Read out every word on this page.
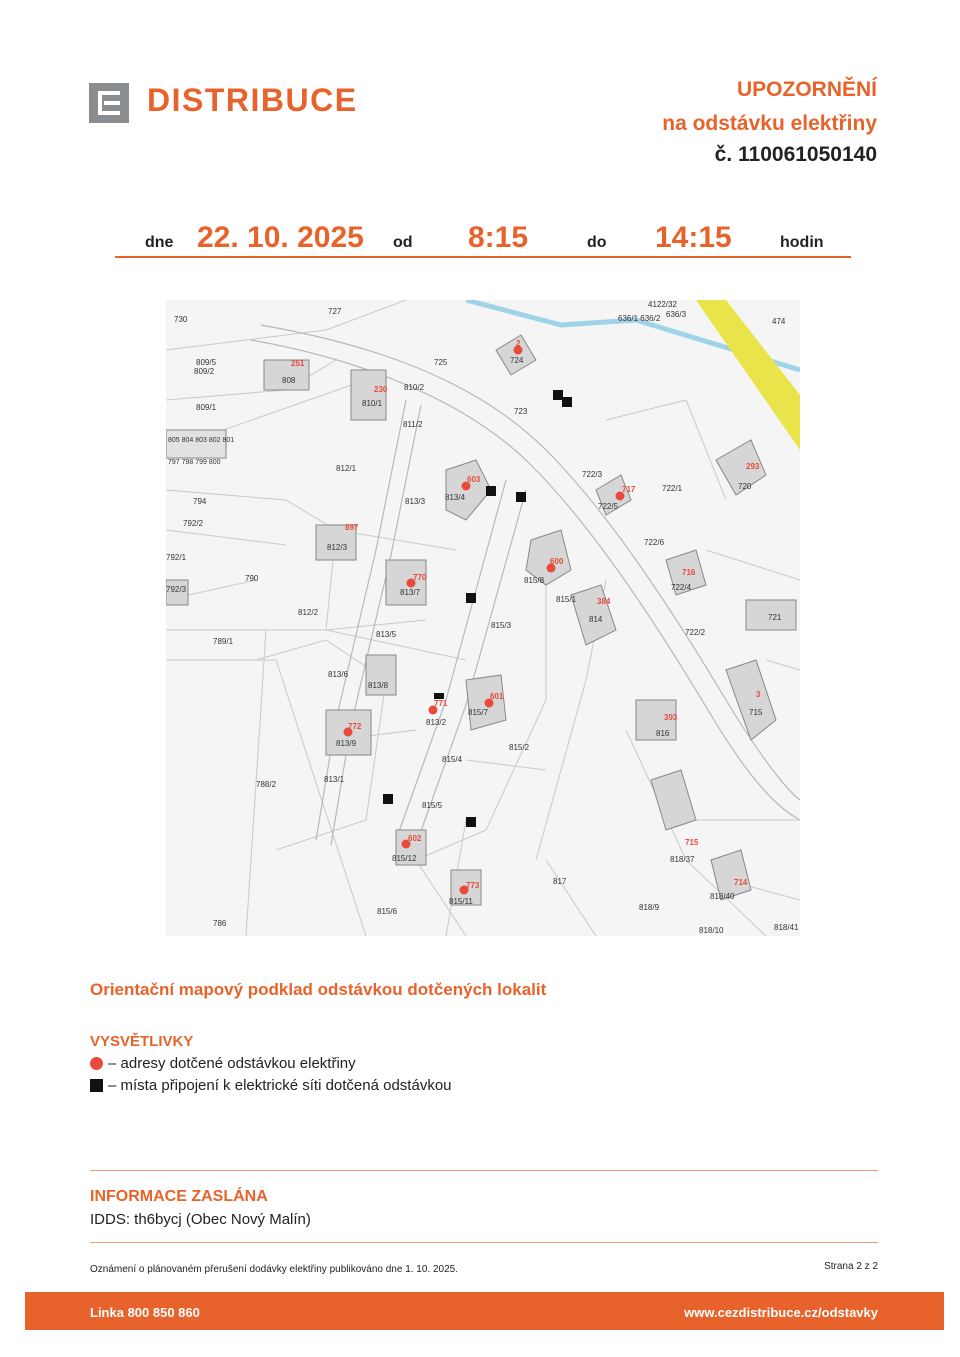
DISTRIBUCE	UPOZORNĚNÍ
na odstávku elektřiny
č. 110061050140
dne 22. 10. 2025 od 8:15	do 14:15	hodin
730
727
474
4122/32
636/1 636/2 636/3
809/5
809/2
808
725	724
810/2
810/1
809/1	723
811/2
805 804 803 802 801
797 798 799 800
812/1
722/3
720
722/1
813/4
813/3
794
722/5
792/2
812/3
722/6
792/1
815/8
722/4
790
813/7
792/3
815/1
814
812/2
815/3
721
722/2
789/1
813/5
813/6
813/8
715
815/7
813/2
813/9
816
815/2
815/4
813/1
788/2
815/5
818/37
815/12
817
818/40
815/11
818/9
815/6
786
818/10	818/41
2
251
230
603
293
717
897
600
716
770
384
3
771
601
393
772
715
602
714
773
Orientační mapový podklad odstávkou dotčených lokalit
VYSVĚTLIVKY
– adresy dotčené odstávkou elektřiny
– místa připojení k elektrické síti dotčená odstávkou
INFORMACE ZASLÁNA
IDDS: th6bycj (Obec Nový Malín)
Oznámení o plánovaném přerušení dodávky elektřiny publikováno dne 1. 10. 2025.	Strana 2 z 2
Linka 800 850 860	www.cezdistribuce.cz/odstavky
